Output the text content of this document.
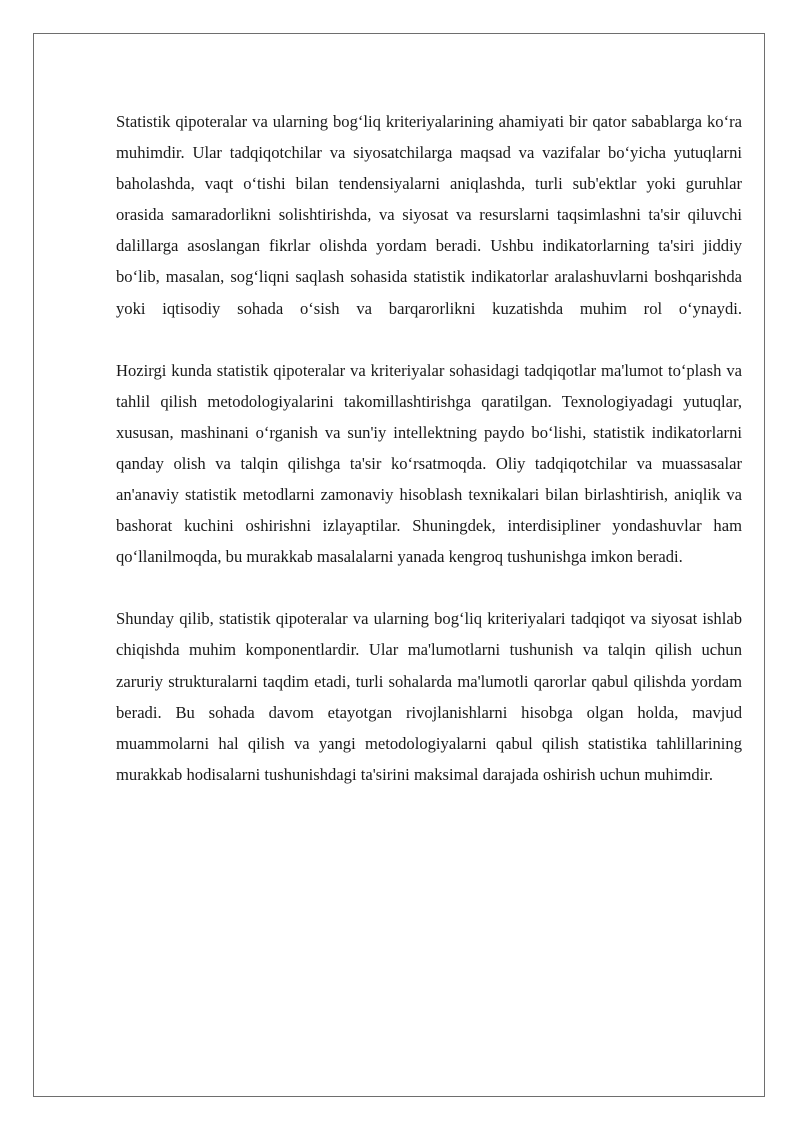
Statistik qipoteralar va ularning bog‘liq kriteriyalarining ahamiyati bir qator sabablarga ko‘ra muhimdir. Ular tadqiqotchilar va siyosatchilarga maqsad va vazifalar bo‘yicha yutuqlarni baholashda, vaqt o‘tishi bilan tendensiyalarni aniqlashda, turli sub'ektlar yoki guruhlar orasida samaradorlikni solishtirishda, va siyosat va resurslarni taqsimlashni ta'sir qiluvchi dalillarga asoslangan fikrlar olishda yordam beradi. Ushbu indikatorlarning ta'siri jiddiy bo‘lib, masalan, sog‘liqni saqlash sohasida statistik indikatorlar aralashuvlarni boshqarishda yoki iqtisodiy sohada o‘sish va barqarorlikni kuzatishda muhim rol o‘ynaydi.

Hozirgi kunda statistik qipoteralar va kriteriyalar sohasidagi tadqiqotlar ma'lumot to‘plash va tahlil qilish metodologiyalarini takomillashtirishga qaratilgan. Texnologiyadagi yutuqlar, xususan, mashinani o‘rganish va sun'iy intellektning paydo bo‘lishi, statistik indikatorlarni qanday olish va talqin qilishga ta'sir ko‘rsatmoqda. Oliy tadqiqotchilar va muassasalar an'anaviy statistik metodlarni zamonaviy hisoblash texnikalari bilan birlashtirish, aniqlik va bashorat kuchini oshirishni izlayaptilar. Shuningdek, interdisipliner yondashuvlar ham qo‘llanilmoqda, bu murakkab masalalarni yanada kengroq tushunishga imkon beradi.

Shunday qilib, statistik qipoteralar va ularning bog‘liq kriteriyalari tadqiqot va siyosat ishlab chiqishda muhim komponentlardir. Ular ma'lumotlarni tushunish va talqin qilish uchun zaruriy strukturalarni taqdim etadi, turli sohalarda ma'lumotli qarorlar qabul qilishda yordam beradi. Bu sohada davom etayotgan rivojlanishlarni hisobga olgan holda, mavjud muammolarni hal qilish va yangi metodologiyalarni qabul qilish statistika tahlillarining murakkab hodisalarni tushunishdagi ta'sirini maksimal darajada oshirish uchun muhimdir.
